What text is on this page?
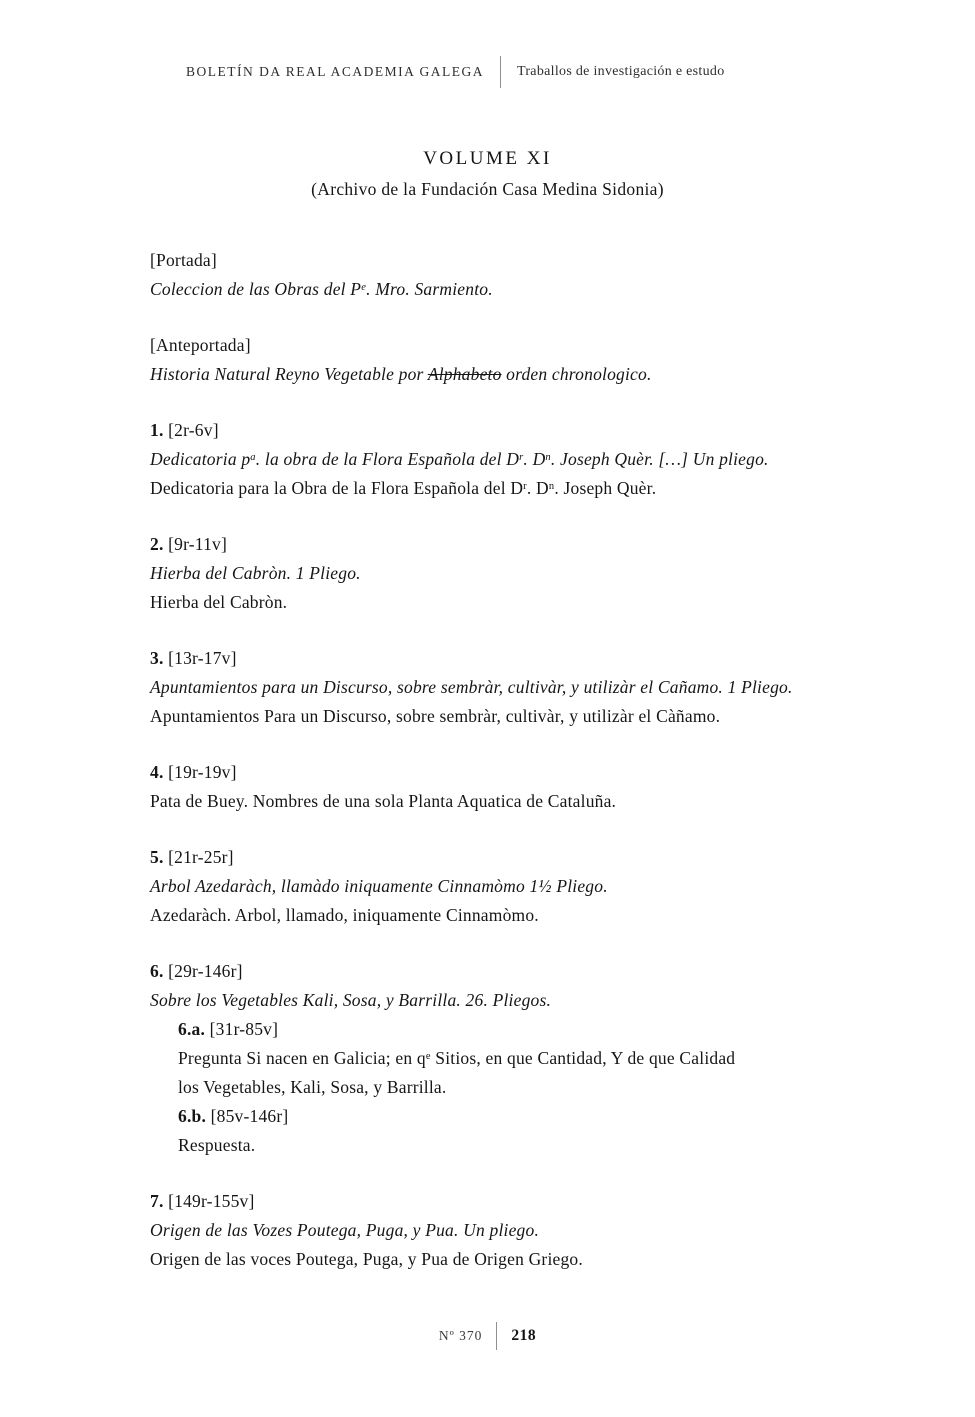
BOLETÍN DA REAL ACADEMIA GALEGA Traballos de investigación e estudo
VOLUME XI
(Archivo de la Fundación Casa Medina Sidonia)
[Portada]
Coleccion de las Obras del $P^e$. Mro. Sarmiento.
[Anteportada]
Historia Natural Reyno Vegetable por Alphabeto orden chronologico.
1. [2r-6v]
Dedicatoria $p^a$. la obra de la Flora Española del $D^r$. $D^n$. Joseph Quèr. […] Un pliego.
Dedicatoria para la Obra de la Flora Española del $D^r$. $D^n$. Joseph Quèr.
2. [9r-11v]
Hierba del Cabròn. 1 Pliego.
Hierba del Cabròn.
3. [13r-17v]
Apuntamientos para un Discurso, sobre sembràr, cultivàr, y utilizàr el Cañamo. 1 Pliego.
Apuntamientos Para un Discurso, sobre sembràr, cultivàr, y utilizàr el Càñamo.
4. [19r-19v]
Pata de Buey. Nombres de una sola Planta Aquatica de Cataluña.
5. [21r-25r]
Arbol Azedaràch, llamàdo iniquamente Cinnamòmo 1½ Pliego.
Azedaràch. Arbol, llamado, iniquamente Cinnamòmo.
6. [29r-146r]
Sobre los Vegetables Kali, Sosa, y Barrilla. 26. Pliegos.
6.a. [31r-85v]
Pregunta Si nacen en Galicia; en $q^e$ Sitios, en que Cantidad, Y de que Calidad
los Vegetables, Kali, Sosa, y Barrilla.
6.b. [85v-146r]
Respuesta.
7. [149r-155v]
Origen de las Vozes Poutega, Puga, y Pua. Un pliego.
Origen de las voces Poutega, Puga, y Pua de Origen Griego.
Nº 370 218
